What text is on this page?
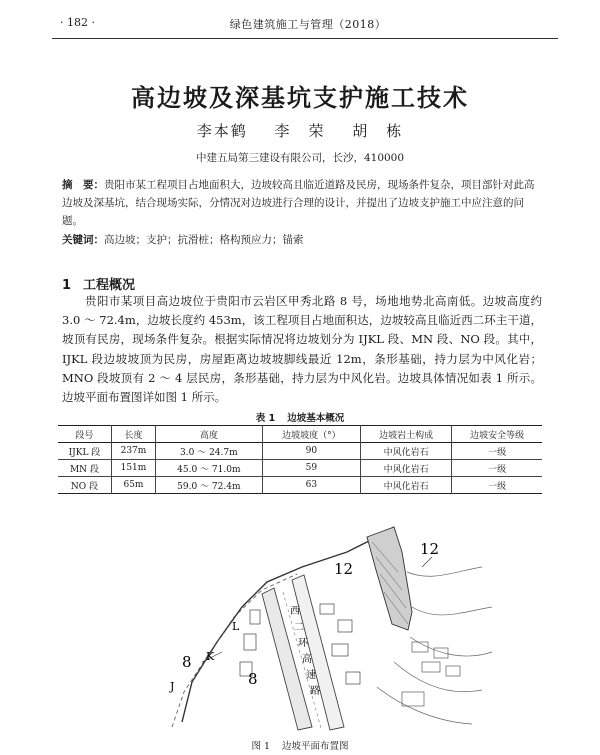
· 182 ·	绿色建筑施工与管理（2018）
高边坡及深基坑支护施工技术
李本鹤 李　荣 胡　栋
中建五局第三建设有限公司，长沙，410000
摘　要：贵阳市某工程项目占地面积大，边坡较高且临近道路及民房，现场条件复杂，项目部针对此高边坡及深基坑，结合现场实际，分情况对边坡进行合理的设计，并提出了边坡支护施工中应注意的问题。
关键词：高边坡；支护；抗滑桩；格构预应力；锚索
1 工程概况
贵阳市某项目高边坡位于贵阳市云岩区甲秀北路 8 号，场地地势北高南低。边坡高度约 3.0 ～ 72.4m，边坡长度约 453m，该工程项目占地面积达，边坡较高且临近西二环主干道，坡顶有民房，现场条件复杂。根据实际情况将边坡划分为 IJKL 段、MN 段、NO 段。其中，IJKL 段边坡坡顶为民房，房屋距离边坡坡脚线最近 12m，条形基础，持力层为中风化岩；MNO 段坡顶有 2 ～ 4 层民房，条形基础，持力层为中风化岩。边坡具体情况如表 1 所示。边坡平面布置图详如图 1 所示。
表 1 边坡基本概况
段号	长度	高度	边坡坡度（°）	边坡岩土构成	边坡安全等级
IJKL 段	237m	3.0 ～ 24.7m	90	中风化岩石	一级
MN 段	151m	45.0 ～ 71.0m	59	中风化岩石	一级
NO 段	65m	59.0 ～ 72.4m	63	中风化岩石	一级
12
12
8
8
L
K
J
西
二
环
高
速
路
图 1 边坡平面布置图
